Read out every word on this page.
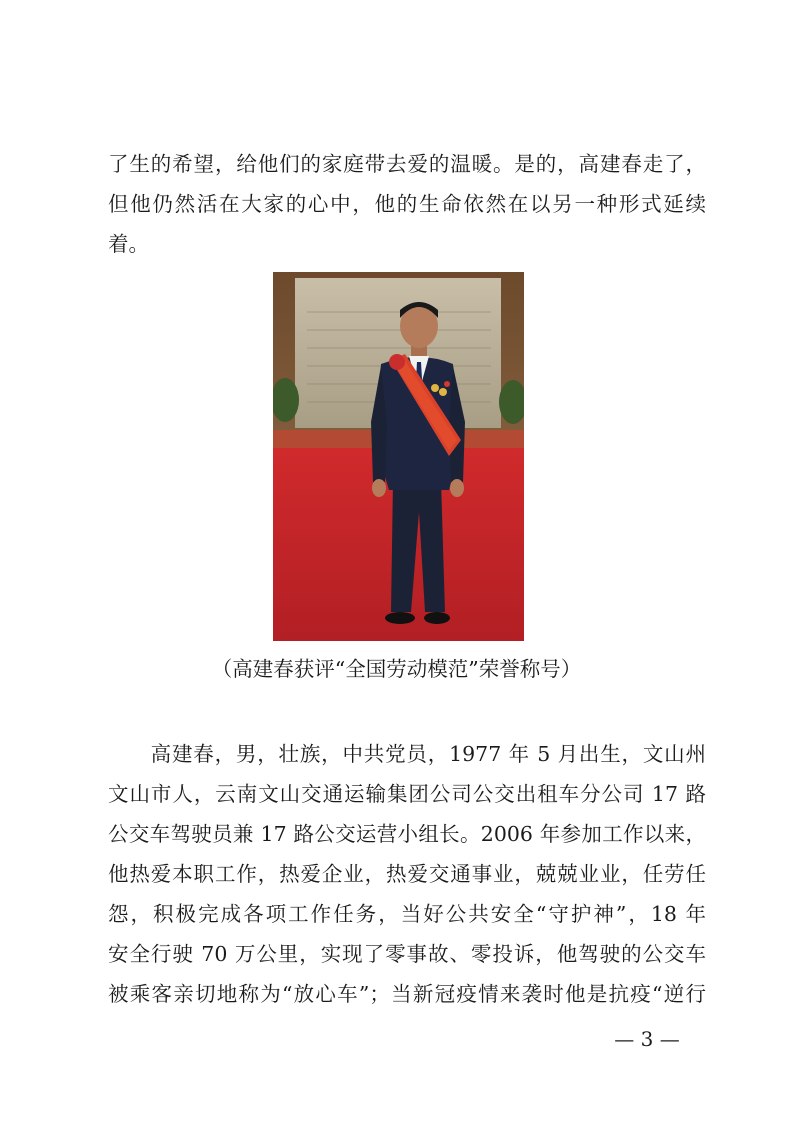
了生的希望，给他们的家庭带去爱的温暖。是的，高建春走了，
但他仍然活在大家的心中，他的生命依然在以另一种形式延续
着。
（高建春获评“全国劳动模范”荣誉称号）
　　高建春，男，壮族，中共党员，1977 年 5 月出生，文山州
文山市人，云南文山交通运输集团公司公交出租车分公司 17 路
公交车驾驶员兼 17 路公交运营小组长。2006 年参加工作以来，
他热爱本职工作，热爱企业，热爱交通事业，兢兢业业，任劳任
怨，积极完成各项工作任务，当好公共安全“守护神”，18 年
安全行驶 70 万公里，实现了零事故、零投诉，他驾驶的公交车
被乘客亲切地称为“放心车”；当新冠疫情来袭时他是抗疫“逆行
— 3 —
